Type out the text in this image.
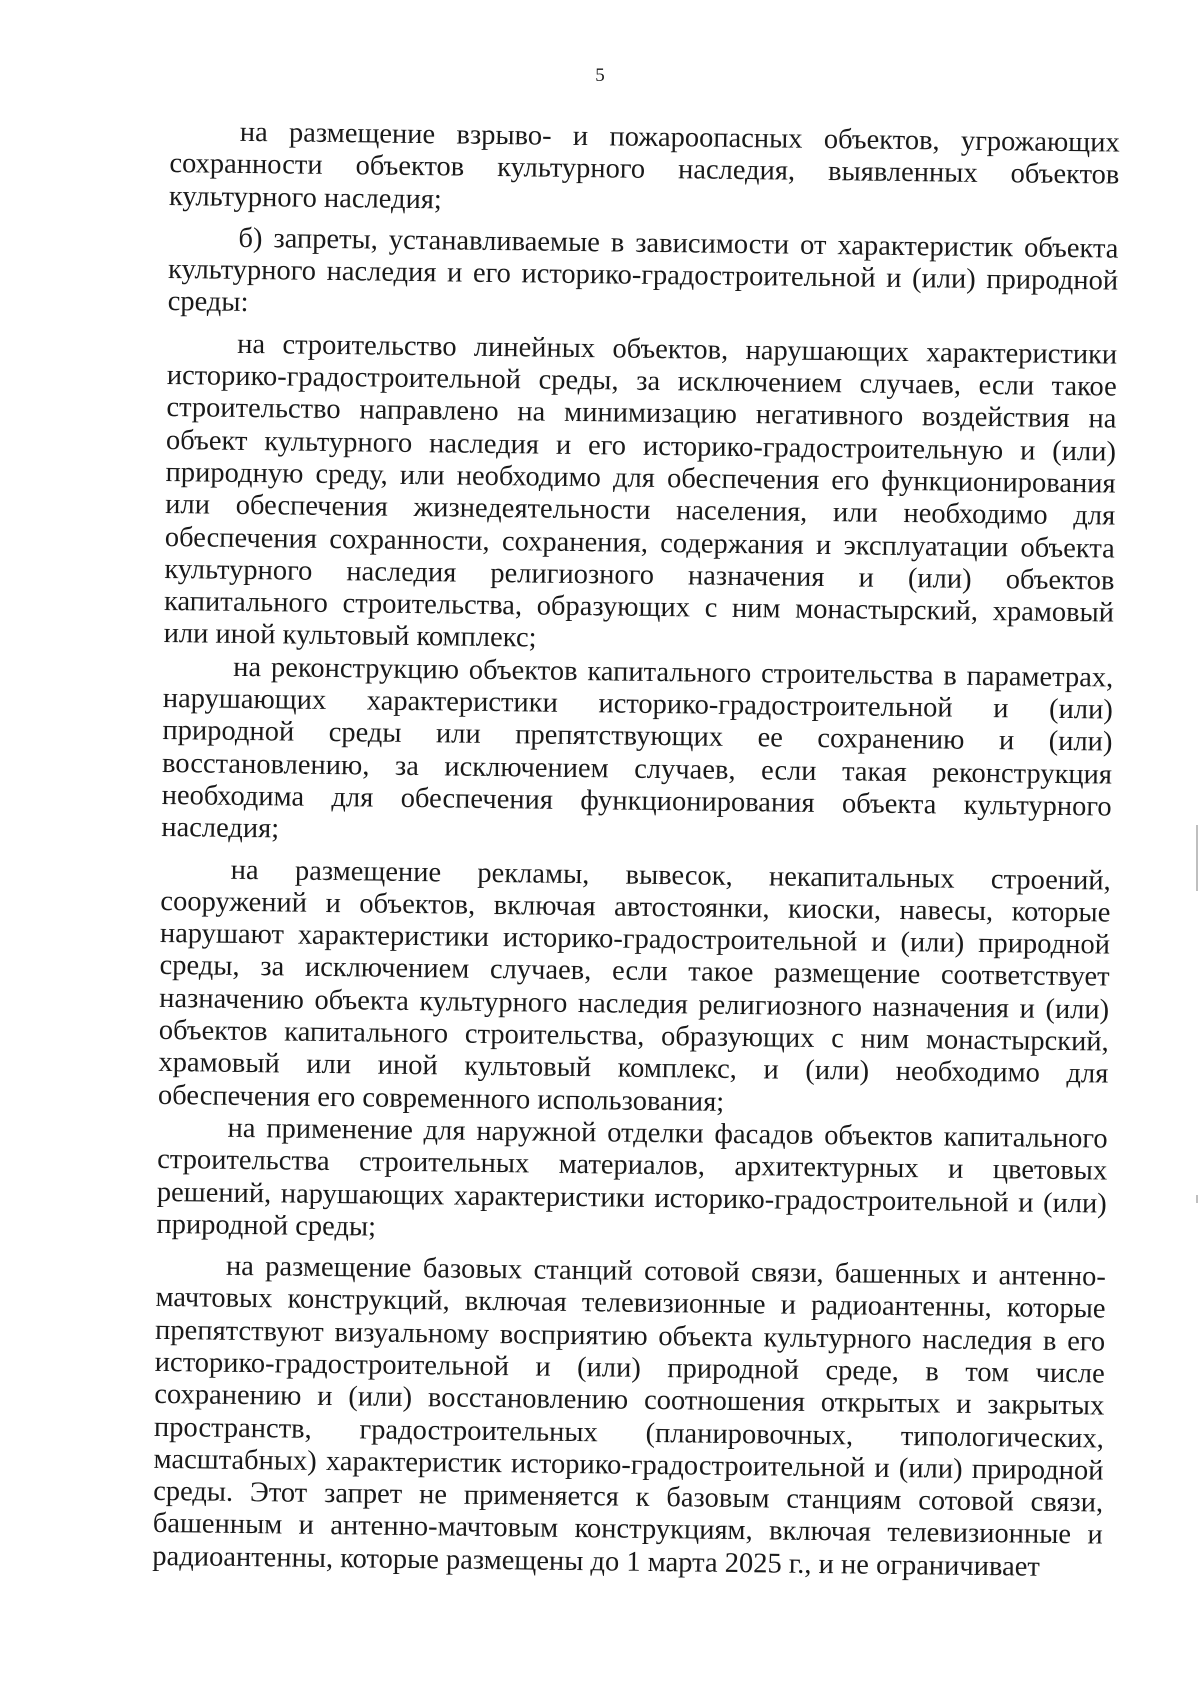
5

на размещение взрыво- и пожароопасных объектов, угрожающих сохранности объектов культурного наследия, выявленных объектов культурного наследия;

б) запреты, устанавливаемые в зависимости от характеристик объекта культурного наследия и его историко-градостроительной и (или) природной среды:

на строительство линейных объектов, нарушающих характеристики историко-градостроительной среды, за исключением случаев, если такое строительство направлено на минимизацию негативного воздействия на объект культурного наследия и его историко-градостроительную и (или) природную среду, или необходимо для обеспечения его функционирования или обеспечения жизнедеятельности населения, или необходимо для обеспечения сохранности, сохранения, содержания и эксплуатации объекта культурного наследия религиозного назначения и (или) объектов капитального строительства, образующих с ним монастырский, храмовый или иной культовый комплекс;

на реконструкцию объектов капитального строительства в параметрах, нарушающих характеристики историко-градостроительной и (или) природной среды или препятствующих ее сохранению и (или) восстановлению, за исключением случаев, если такая реконструкция необходима для обеспечения функционирования объекта культурного наследия;

на размещение рекламы, вывесок, некапитальных строений, сооружений и объектов, включая автостоянки, киоски, навесы, которые нарушают характеристики историко-градостроительной и (или) природной среды, за исключением случаев, если такое размещение соответствует назначению объекта культурного наследия религиозного назначения и (или) объектов капитального строительства, образующих с ним монастырский, храмовый или иной культовый комплекс, и (или) необходимо для обеспечения его современного использования;

на применение для наружной отделки фасадов объектов капитального строительства строительных материалов, архитектурных и цветовых решений, нарушающих характеристики историко-градостроительной и (или) природной среды;

на размещение базовых станций сотовой связи, башенных и антенно-мачтовых конструкций, включая телевизионные и радиоантенны, которые препятствуют визуальному восприятию объекта культурного наследия в его историко-градостроительной и (или) природной среде, в том числе сохранению и (или) восстановлению соотношения открытых и закрытых пространств, градостроительных (планировочных, типологических, масштабных) характеристик историко-градостроительной и (или) природной среды. Этот запрет не применяется к базовым станциям сотовой связи, башенным и антенно-мачтовым конструкциям, включая телевизионные и радиоантенны, которые размещены до 1 марта 2025 г., и не ограничивает
